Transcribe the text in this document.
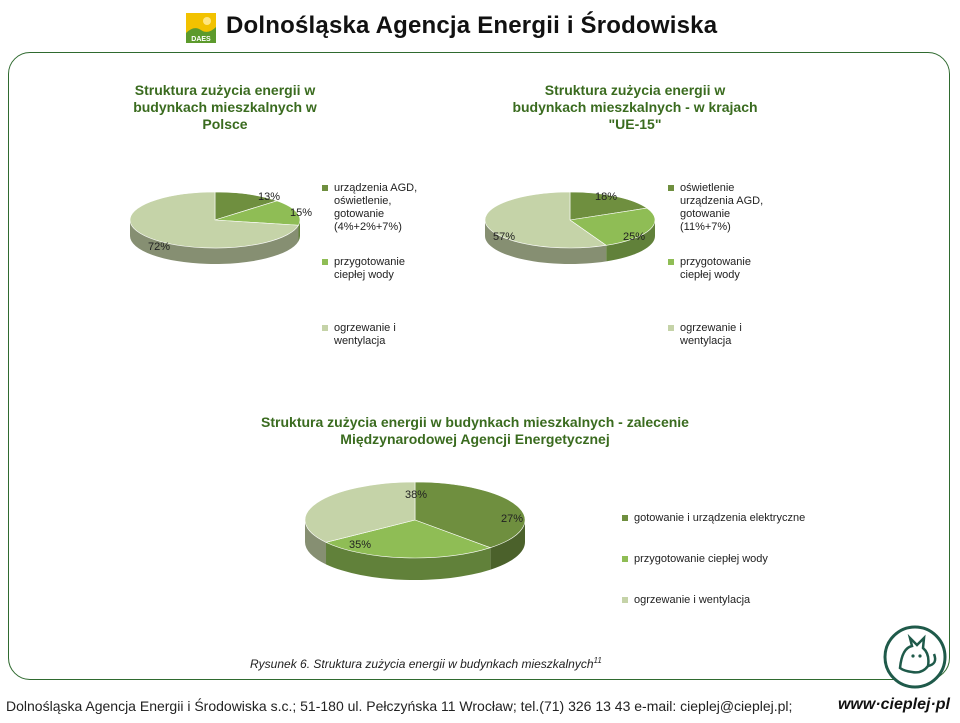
DAES
Dolnośląska Agencja Energii i Środowiska
Struktura zużycia energii w
budynkach mieszkalnych w Polsce
13%
15%
72%
urządzenia AGD,
oświetlenie,
gotowanie
(4%+2%+7%)
przygotowanie
ciepłej wody
ogrzewanie i
wentylacja
Struktura zużycia energii w
budynkach mieszkalnych - w krajach
"UE-15"
18%
25%
57%
oświetlenie
urządzenia AGD,
gotowanie
(11%+7%)
przygotowanie
ciepłej wody
ogrzewanie i
wentylacja
Struktura zużycia energii w budynkach mieszkalnych - zalecenie
Międzynarodowej Agencji Energetycznej
38%
27%
35%
gotowanie i urządzenia elektryczne
przygotowanie ciepłej wody
ogrzewanie i wentylacja
Rysunek 6. Struktura zużycia energii w budynkach mieszkalnych$^{11}$
Dolnośląska Agencja Energii i Środowiska s.c.; 51-180 ul. Pełczyńska 11 Wrocław; tel.(71) 326 13 43 e-mail: cieplej@cieplej.pl;	www·cieplej·pl
